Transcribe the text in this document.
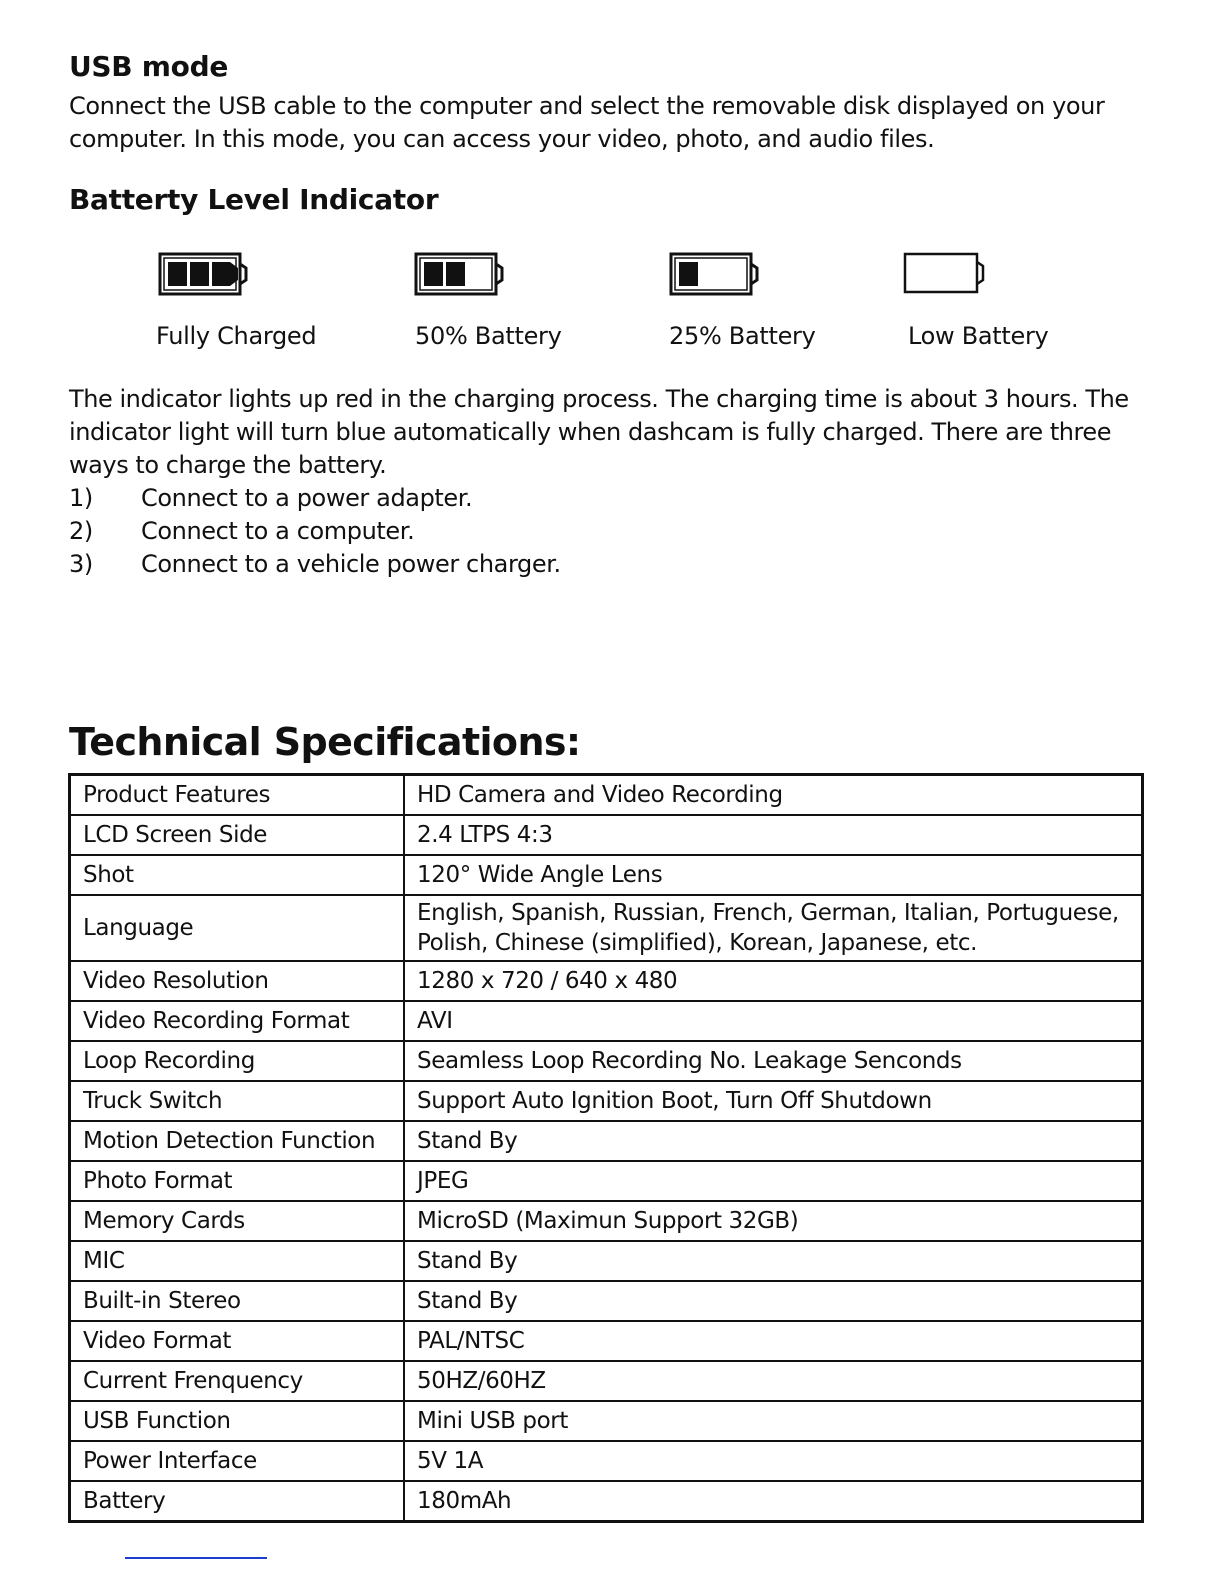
USB mode
Connect the USB cable to the computer and select the removable disk displayed on your computer. In this mode, you can access your video, photo, and audio files.
Batterty Level Indicator
Fully Charged	50% Battery	25% Battery	Low Battery
The indicator lights up red in the charging process. The charging time is about 3 hours. The indicator light will turn blue automatically when dashcam is fully charged. There are three ways to charge the battery.
1)	Connect to a power adapter.
2)	Connect to a computer.
3)	Connect to a vehicle power charger.
Technical Specifications:
Product Features	HD Camera and Video Recording
LCD Screen Side	2.4 LTPS 4:3
Shot	120° Wide Angle Lens
Language	English, Spanish, Russian, French, German, Italian, Portuguese, Polish, Chinese (simplified), Korean, Japanese, etc.
Video Resolution	1280 x 720 / 640 x 480
Video Recording Format	AVI
Loop Recording	Seamless Loop Recording No. Leakage Senconds
Truck Switch	Support Auto Ignition Boot, Turn Off Shutdown
Motion Detection Function	Stand By
Photo Format	JPEG
Memory Cards	MicroSD (Maximun Support 32GB)
MIC	Stand By
Built-in Stereo	Stand By
Video Format	PAL/NTSC
Current Frenquency	50HZ/60HZ
USB Function	Mini USB port
Power Interface	5V 1A
Battery	180mAh
